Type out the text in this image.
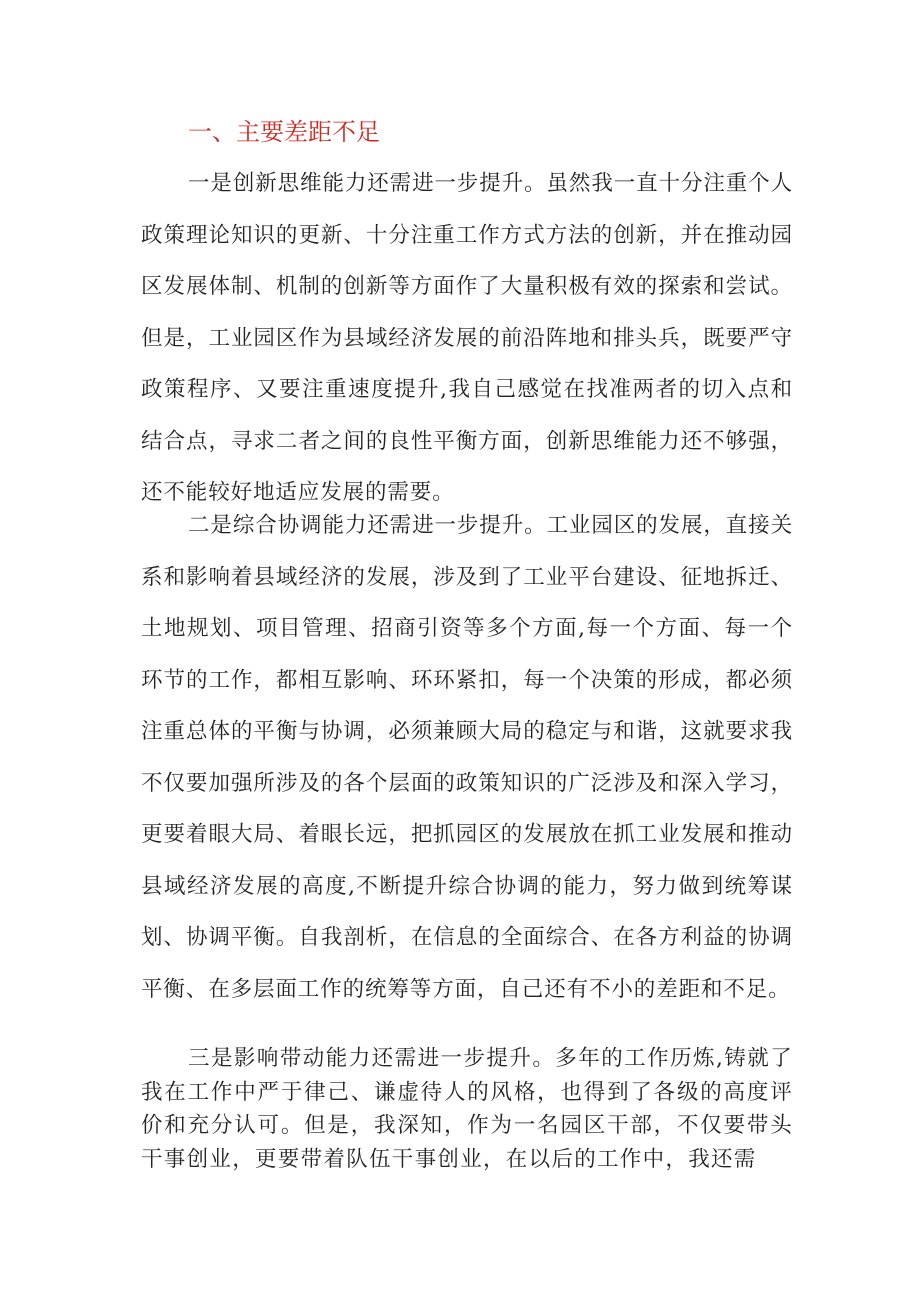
一、主要差距不足

一是创新思维能力还需进一步提升。虽然我一直十分注重个人政策理论知识的更新、十分注重工作方式方法的创新，并在推动园区发展体制、机制的创新等方面作了大量积极有效的探索和尝试。但是，工业园区作为县域经济发展的前沿阵地和排头兵，既要严守政策程序、又要注重速度提升,我自己感觉在找准两者的切入点和结合点，寻求二者之间的良性平衡方面，创新思维能力还不够强，还不能较好地适应发展的需要。

二是综合协调能力还需进一步提升。工业园区的发展，直接关系和影响着县域经济的发展，涉及到了工业平台建设、征地拆迁、土地规划、项目管理、招商引资等多个方面,每一个方面、每一个环节的工作，都相互影响、环环紧扣，每一个决策的形成，都必须注重总体的平衡与协调，必须兼顾大局的稳定与和谐，这就要求我不仅要加强所涉及的各个层面的政策知识的广泛涉及和深入学习，更要着眼大局、着眼长远，把抓园区的发展放在抓工业发展和推动县域经济发展的高度,不断提升综合协调的能力，努力做到统筹谋划、协调平衡。自我剖析，在信息的全面综合、在各方利益的协调平衡、在多层面工作的统筹等方面，自己还有不小的差距和不足。

三是影响带动能力还需进一步提升。多年的工作历炼,铸就了我在工作中严于律己、谦虚待人的风格，也得到了各级的高度评价和充分认可。但是，我深知，作为一名园区干部，不仅要带头干事创业，更要带着队伍干事创业，在以后的工作中，我还需
